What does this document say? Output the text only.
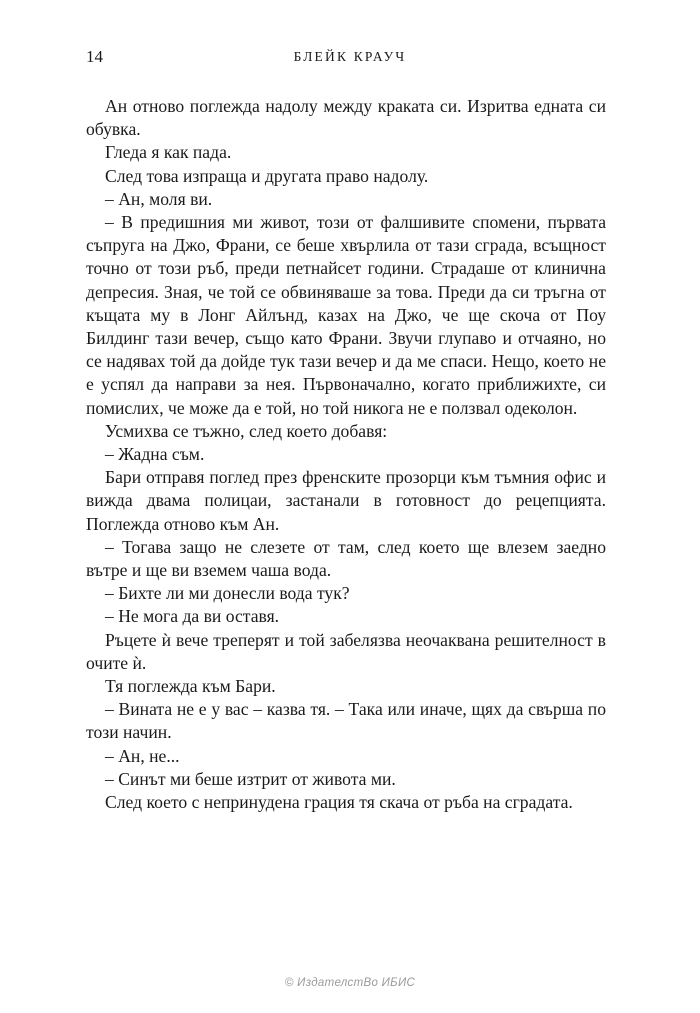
14	БЛЕЙК КРАУЧ

Ан отново поглежда надолу между краката си. Изритва едната си обувка.

Гледа я как пада.

След това изпраща и другата право надолу.

– Ан, моля ви.

– В предишния ми живот, този от фалшивите спомени, първата съпруга на Джо, Франи, се беше хвърлила от тази сграда, всъщност точно от този ръб, преди петнайсет години. Страдаше от клинична депресия. Зная, че той се обвиняваше за това. Преди да си тръгна от къщата му в Лонг Айлънд, казах на Джо, че ще скоча от Поу Билдинг тази вечер, също като Франи. Звучи глупаво и отчаяно, но се надявах той да дойде тук тази вечер и да ме спаси. Нещо, което не е успял да направи за нея. Първоначално, когато приближихте, си помислих, че може да е той, но той никога не е ползвал одеколон.

Усмихва се тъжно, след което добавя:

– Жадна съм.

Бари отправя поглед през френските прозорци към тъмния офис и вижда двама полицаи, застанали в готовност до рецепцията. Поглежда отново към Ан.

– Тогава защо не слезете от там, след което ще влезем заедно вътре и ще ви вземем чаша вода.

– Бихте ли ми донесли вода тук?

– Не мога да ви оставя.

Ръцете ѝ вече треперят и той забелязва неочаквана решителност в очите ѝ.

Тя поглежда към Бари.

– Вината не е у вас – казва тя. – Така или иначе, щях да свърша по този начин.

– Ан, не...

– Синът ми беше изтрит от живота ми.

След което с непринудена грация тя скача от ръба на сградата.

© ИздателстВо ИБИС
